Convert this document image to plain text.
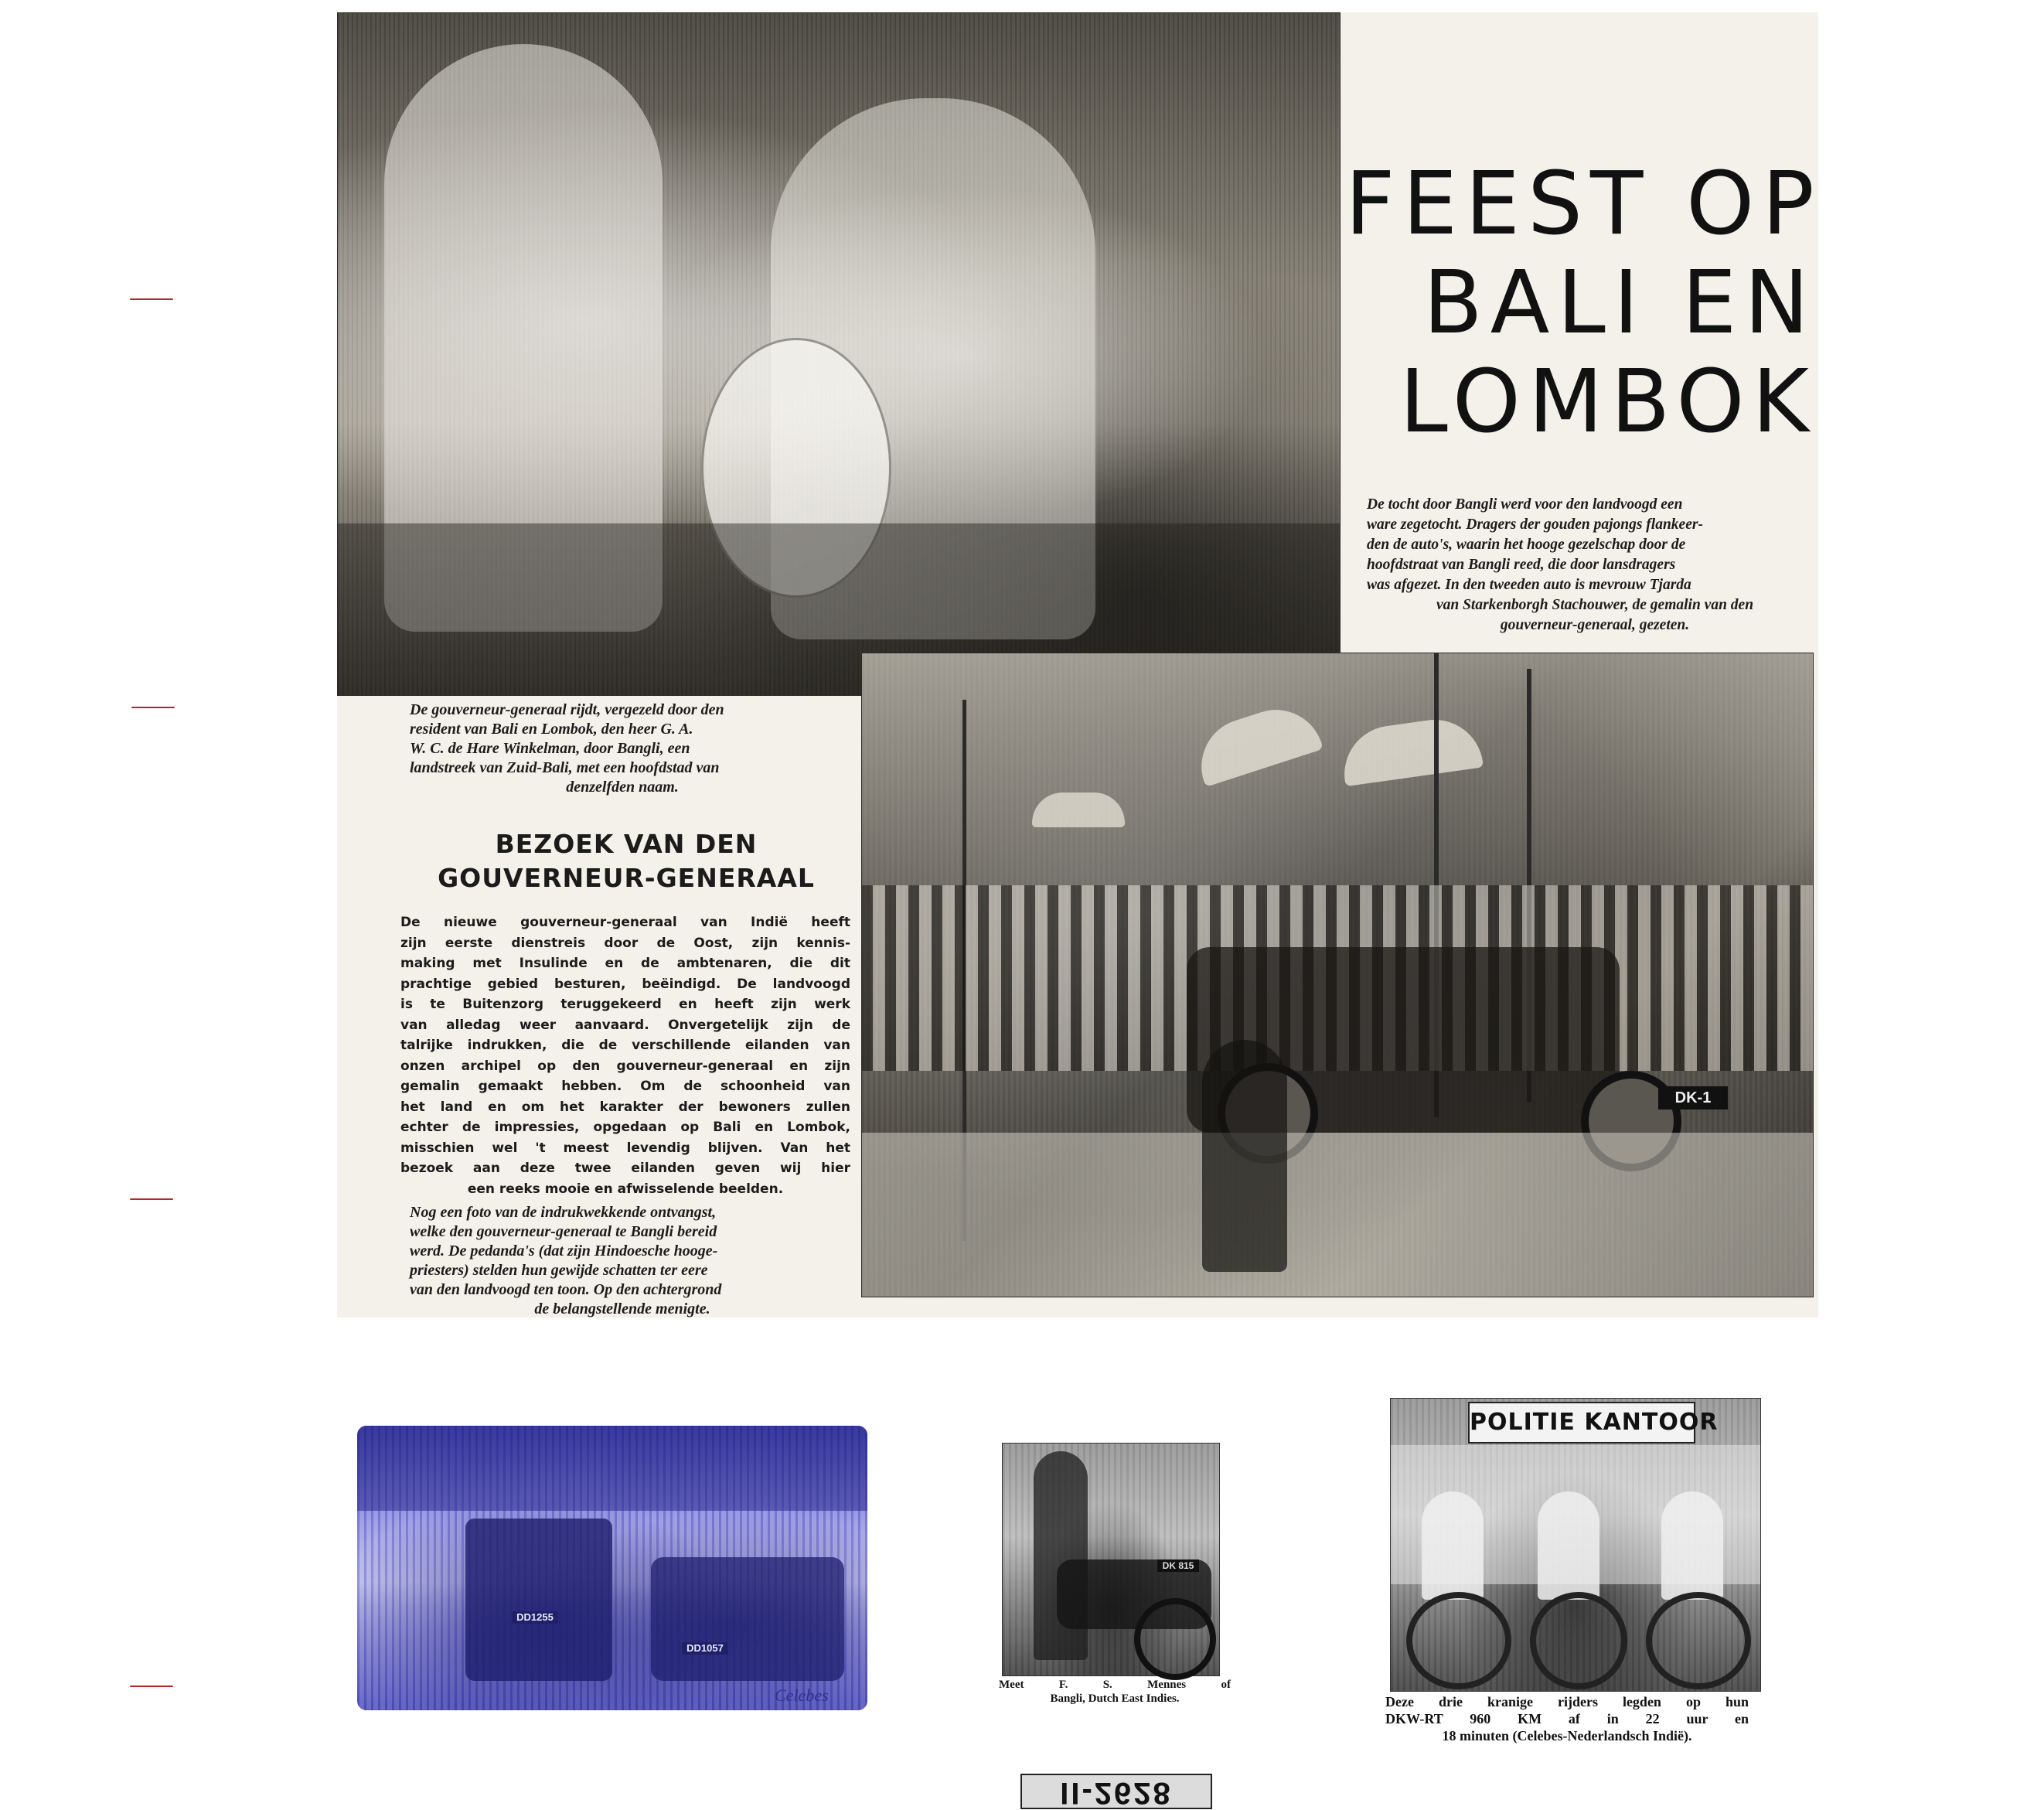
FEEST OP
BALI EN
LOMBOK
De tocht door Bangli werd voor den landvoogd een
ware zegetocht. Dragers der gouden pajongs flankeer-
den de auto's, waarin het hooge gezelschap door de
hoofdstraat van Bangli reed, die door lansdragers
was afgezet. In den tweeden auto is mevrouw Tjarda
van Starkenborgh Stachouwer, de gemalin van den
gouverneur-generaal, gezeten.
De gouverneur-generaal rijdt, vergezeld door den
resident van Bali en Lombok, den heer G. A.
W. C. de Hare Winkelman, door Bangli, een
landstreek van Zuid-Bali, met een hoofdstad van
denzelfden naam.
BEZOEK VAN DEN
GOUVERNEUR-GENERAAL
De nieuwe gouverneur-generaal van Indië heeft
zijn eerste dienstreis door de Oost, zijn kennis-
making met Insulinde en de ambtenaren, die dit
prachtige gebied besturen, beëindigd. De landvoogd
is te Buitenzorg teruggekeerd en heeft zijn werk
van alledag weer aanvaard. Onvergetelijk zijn de
talrijke indrukken, die de verschillende eilanden van
onzen archipel op den gouverneur-generaal en zijn
gemalin gemaakt hebben. Om de schoonheid van
het land en om het karakter der bewoners zullen
echter de impressies, opgedaan op Bali en Lombok,
misschien wel 't meest levendig blijven. Van het
bezoek aan deze twee eilanden geven wij hier
een reeks mooie en afwisselende beelden.
Nog een foto van de indrukwekkende ontvangst,
welke den gouverneur-generaal te Bangli bereid
werd. De pedanda's (dat zijn Hindoesche hooge-
priesters) stelden hun gewijde schatten ter eere
van den landvoogd ten toon. Op den achtergrond
de belangstellende menigte.
DK-1
DD1255
DD1057
Celebes
DK 815
Meet F. S. Mennes of
Bangli, Dutch East Indies.
POLITIE KANTOOR
Deze drie kranige rijders legden op hun
DKW-RT 960 KM af in 22 uur en
18 minuten (Celebes-Nederlandsch Indië).
II-2628
